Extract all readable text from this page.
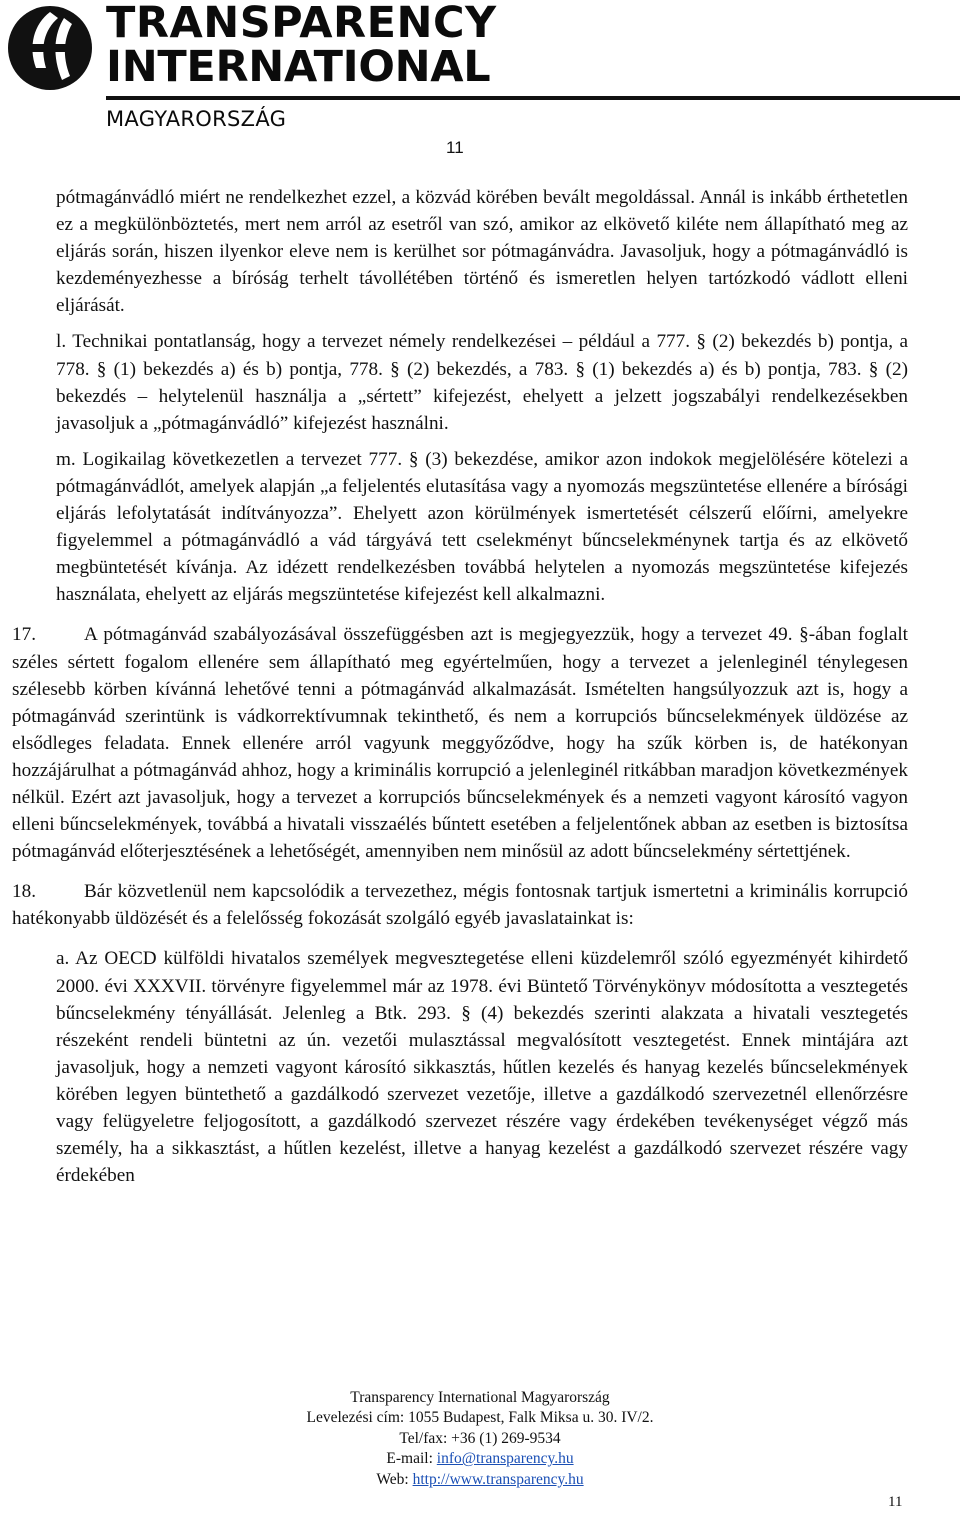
TRANSPARENCY
INTERNATIONAL
MAGYARORSZÁG
11

pótmagánvádló miért ne rendelkezhet ezzel, a közvád körében bevált megoldással. Annál is inkább érthetetlen ez a megkülönböztetés, mert nem arról az esetről van szó, amikor az elkövető kiléte nem állapítható meg az eljárás során, hiszen ilyenkor eleve nem is kerülhet sor pótmagánvádra. Javasoljuk, hogy a pótmagánvádló is kezdeményezhesse a bíróság terhelt távollétében történő és ismeretlen helyen tartózkodó vádlott elleni eljárását.

l. Technikai pontatlanság, hogy a tervezet némely rendelkezései – például a 777. § (2) bekezdés b) pontja, a 778. § (1) bekezdés a) és b) pontja, 778. § (2) bekezdés, a 783. § (1) bekezdés a) és b) pontja, 783. § (2) bekezdés – helytelenül használja a „sértett” kifejezést, ehelyett a jelzett jogszabályi rendelkezésekben javasoljuk a „pótmagánvádló” kifejezést használni.

m. Logikailag következetlen a tervezet 777. § (3) bekezdése, amikor azon indokok megjelölésére kötelezi a pótmagánvádlót, amelyek alapján „a feljelentés elutasítása vagy a nyomozás megszüntetése ellenére a bírósági eljárás lefolytatását indítványozza”. Ehelyett azon körülmények ismertetését célszerű előírni, amelyekre figyelemmel a pótmagánvádló a vád tárgyává tett cselekményt bűncselekménynek tartja és az elkövető megbüntetését kívánja. Az idézett rendelkezésben továbbá helytelen a nyomozás megszüntetése kifejezés használata, ehelyett az eljárás megszüntetése kifejezést kell alkalmazni.

17.	A pótmagánvád szabályozásával összefüggésben azt is megjegyezzük, hogy a tervezet 49. §-ában foglalt széles sértett fogalom ellenére sem állapítható meg egyértelműen, hogy a tervezet a jelenleginél ténylegesen szélesebb körben kívánná lehetővé tenni a pótmagánvád alkalmazását. Ismételten hangsúlyozzuk azt is, hogy a pótmagánvád szerintünk is vádkorrektívumnak tekinthető, és nem a korrupciós bűncselekmények üldözése az elsődleges feladata. Ennek ellenére arról vagyunk meggyőződve, hogy ha szűk körben is, de hatékonyan hozzájárulhat a pótmagánvád ahhoz, hogy a kriminális korrupció a jelenleginél ritkábban maradjon következmények nélkül. Ezért azt javasoljuk, hogy a tervezet a korrupciós bűncselekmények és a nemzeti vagyont károsító vagyon elleni bűncselekmények, továbbá a hivatali visszaélés bűntett esetében a feljelentőnek abban az esetben is biztosítsa pótmagánvád előterjesztésének a lehetőségét, amennyiben nem minősül az adott bűncselekmény sértettjének.

18.	Bár közvetlenül nem kapcsolódik a tervezethez, mégis fontosnak tartjuk ismertetni a kriminális korrupció hatékonyabb üldözését és a felelősség fokozását szolgáló egyéb javaslatainkat is:

a. Az OECD külföldi hivatalos személyek megvesztegetése elleni küzdelemről szóló egyezményét kihirdető 2000. évi XXXVII. törvényre figyelemmel már az 1978. évi Büntető Törvénykönyv módosította a vesztegetés bűncselekmény tényállását. Jelenleg a Btk. 293. § (4) bekezdés szerinti alakzata a hivatali vesztegetés részeként rendeli büntetni az ún. vezetői mulasztással megvalósított vesztegetést. Ennek mintájára azt javasoljuk, hogy a nemzeti vagyont károsító sikkasztás, hűtlen kezelés és hanyag kezelés bűncselekmények körében legyen büntethető a gazdálkodó szervezet vezetője, illetve a gazdálkodó szervezetnél ellenőrzésre vagy felügyeletre feljogosított, a gazdálkodó szervezet részére vagy érdekében tevékenységet végző más személy, ha a sikkasztást, a hűtlen kezelést, illetve a hanyag kezelést a gazdálkodó szervezet részére vagy érdekében

Transparency International Magyarország
Levelezési cím: 1055 Budapest, Falk Miksa u. 30. IV/2.
Tel/fax: +36 (1) 269-9534
E-mail: info@transparency.hu
Web: http://www.transparency.hu
11
